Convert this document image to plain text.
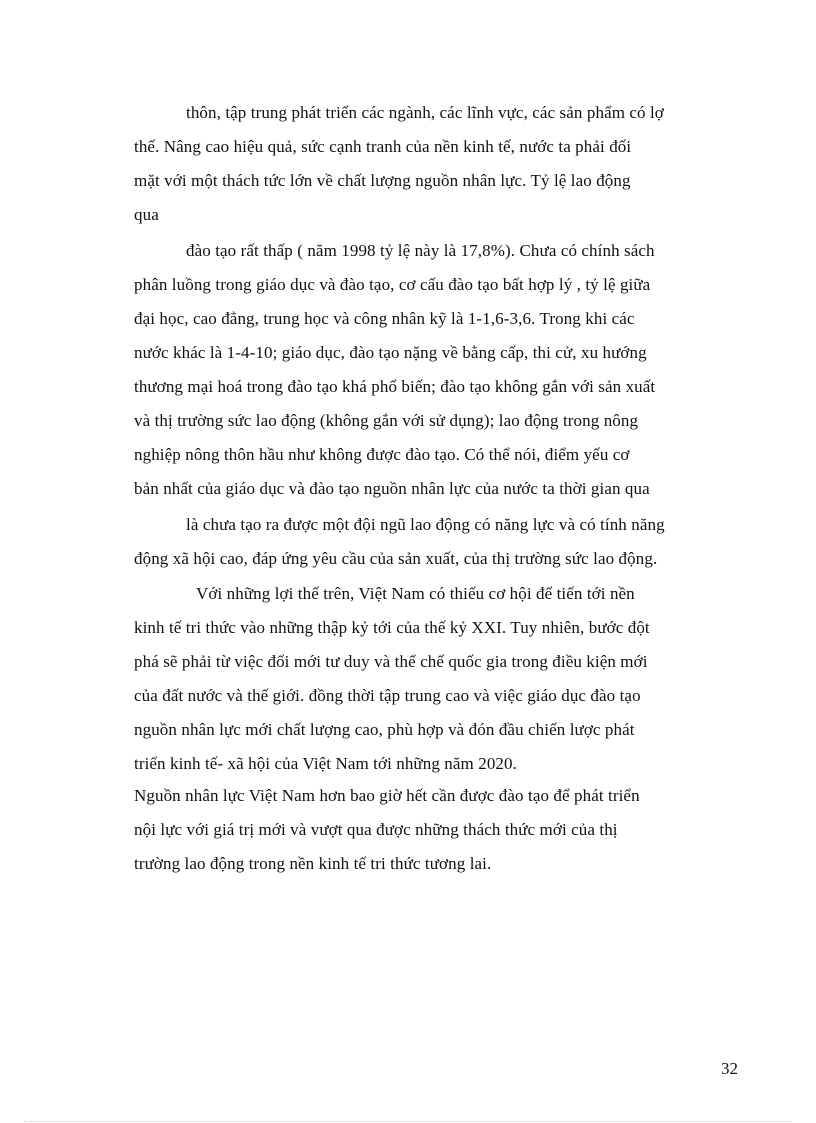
thôn, tập trung phát triển các ngành, các lĩnh vực, các sản phẩm có lợ
thế. Nâng cao hiệu quả, sức cạnh tranh của nền kinh tế, nước ta phải đối
mặt với một thách tức lớn về chất lượng nguồn nhân lực. Tỷ lệ lao động
qua
đào tạo rất thấp ( năm 1998 tỷ lệ này là 17,8%). Chưa có chính sách
phân luồng trong giáo dục và đào tạo, cơ cấu đào tạo bất hợp lý , tỷ lệ giữa
đại học, cao đẳng, trung học và công nhân kỹ là 1-1,6-3,6. Trong khi các
nước khác là 1-4-10; giáo dục, đào tạo nặng về bằng cấp, thi cử, xu hướng
thương mại hoá trong đào tạo khá phổ biến; đào tạo không gắn với sản xuất
và thị trường sức lao động (không gắn với sử dụng); lao động trong nông
nghiệp nông thôn hầu như không được đào tạo. Có thể nói, điểm yếu cơ
bản nhất của giáo dục và đào tạo nguồn nhân lực của nước ta thời gian qua
là chưa tạo ra được một đội ngũ lao động có năng lực và có tính năng
động xã hội cao, đáp ứng yêu cầu của sản xuất, của thị trường sức lao động.
Với những lợi thế trên, Việt Nam có thiếu cơ hội để tiến tới nền
kinh tế tri thức vào những thập kỷ tới của thế kỷ XXI. Tuy nhiên, bước đột
phá sẽ phải từ việc đổi mới tư duy và thể chế quốc gia trong điều kiện mới
của đất nước và thế giới. đồng thời tập trung cao và việc giáo dục đào tạo
nguồn nhân lực mới chất lượng cao, phù hợp và đón đầu chiến lược phát
triển kinh tế- xã hội của Việt Nam tới những năm 2020.
Nguồn nhân lực Việt Nam hơn bao giờ hết cần được đào tạo để phát triển
nội lực với giá trị mới và vượt qua được những thách thức mới của thị
trường lao động trong nền kinh tế tri thức tương lai.
32
